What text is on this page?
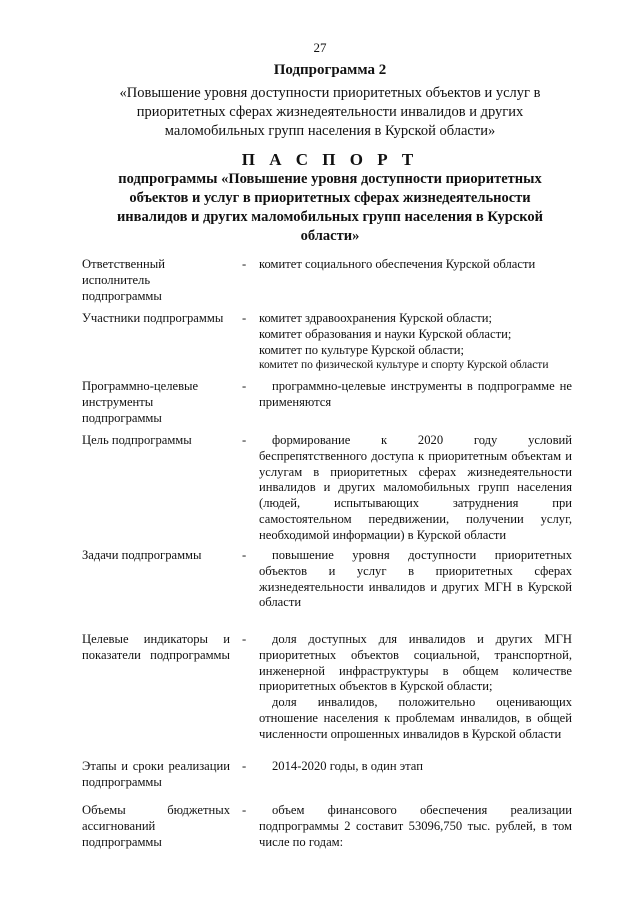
27
Подпрограмма 2
«Повышение уровня доступности приоритетных объектов и услуг в
приоритетных сферах жизнедеятельности инвалидов и других
маломобильных групп населения в Курской области»
П А С П О Р Т
подпрограммы «Повышение уровня доступности приоритетных
объектов и услуг в приоритетных сферах жизнедеятельности
инвалидов и других маломобильных групп населения в Курской
области»
Ответственный исполнитель подпрограммы
- комитет социального обеспечения Курской области

Участники подпрограммы	- комитет здравоохранения Курской области;

комитет образования и науки Курской области;

комитет по культуре Курской области;

комитет по физической культуре и спорту Курской области

Программно-целевые инструменты подпрограммы
-	программно-целевые инструменты в подпрограмме не применяются

Цель подпрограммы	-	формирование к 2020 году условий беспрепятственного доступа к приоритетным объектам и услугам в приоритетных сферах жизнедеятельности инвалидов и других маломобильных групп населения (людей, испытывающих затруднения при самостоятельном передвижении, получении услуг, необходимой информации) в Курской области

Задачи подпрограммы	-	повышение уровня доступности приоритетных объектов и услуг в приоритетных сферах жизнедеятельности инвалидов и других МГН в Курской области

Целевые индикаторы и показатели подпрограммы
-	доля доступных для инвалидов и других МГН приоритетных объектов социальной, транспортной, инженерной инфраструктуры в общем количестве приоритетных объектов в Курской области;

доля инвалидов, положительно оценивающих отношение населения к проблемам инвалидов, в общей численности опрошенных инвалидов в Курской области

Этапы и сроки реализации подпрограммы
-	2014-2020 годы, в один этап

Объемы бюджетных ассигнований подпрограммы
-	объем финансового обеспечения реализации подпрограммы 2 составит 53096,750 тыс. рублей, в том числе по годам:
